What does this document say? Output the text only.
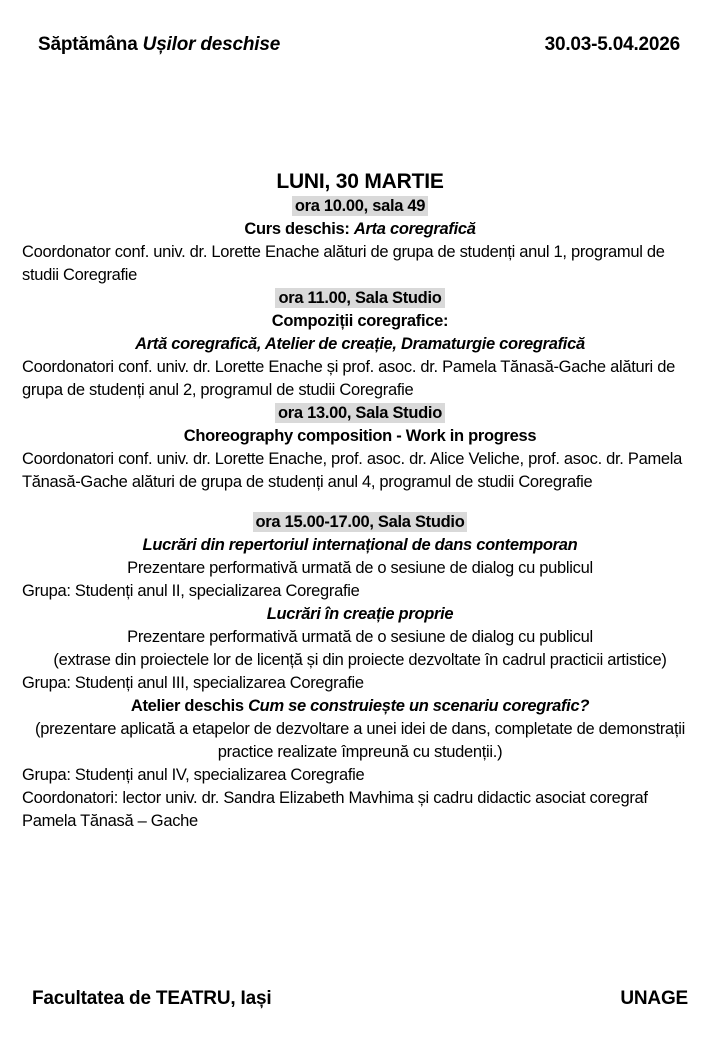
Săptămâna Ușilor deschise	30.03-5.04.2026

LUNI, 30 MARTIE

ora 10.00, sala 49

Curs deschis: Arta coregrafică

Coordonator conf. univ. dr. Lorette Enache alături de grupa de studenți anul 1, programul de studii Coregrafie

ora 11.00, Sala Studio

Compoziții coregrafice:

Artă coregrafică, Atelier de creație, Dramaturgie coregrafică

Coordonatori conf. univ. dr. Lorette Enache și prof. asoc. dr. Pamela Tănasă-Gache alături de grupa de studenți anul 2, programul de studii Coregrafie

ora 13.00, Sala Studio

Choreography composition - Work in progress

Coordonatori conf. univ. dr. Lorette Enache, prof. asoc. dr. Alice Veliche, prof. asoc. dr. Pamela Tănasă-Gache alături de grupa de studenți anul 4, programul de studii Coregrafie

ora 15.00-17.00, Sala Studio

Lucrări din repertoriul internațional de dans contemporan

Prezentare performativă urmată de o sesiune de dialog cu publicul

Grupa: Studenți anul II, specializarea Coregrafie

Lucrări în creație proprie

Prezentare performativă urmată de o sesiune de dialog cu publicul

(extrase din proiectele lor de licență și din proiecte dezvoltate în cadrul practicii artistice)

Grupa: Studenți anul III, specializarea Coregrafie

Atelier deschis Cum se construiește un scenariu coregrafic?

(prezentare aplicată a etapelor de dezvoltare a unei idei de dans, completate de demonstrații practice realizate împreună cu studenții.)

Grupa: Studenți anul IV, specializarea Coregrafie

Coordonatori: lector univ. dr. Sandra Elizabeth Mavhima și cadru didactic asociat coregraf Pamela Tănasă – Gache

Facultatea de TEATRU, Iași	UNAGE
